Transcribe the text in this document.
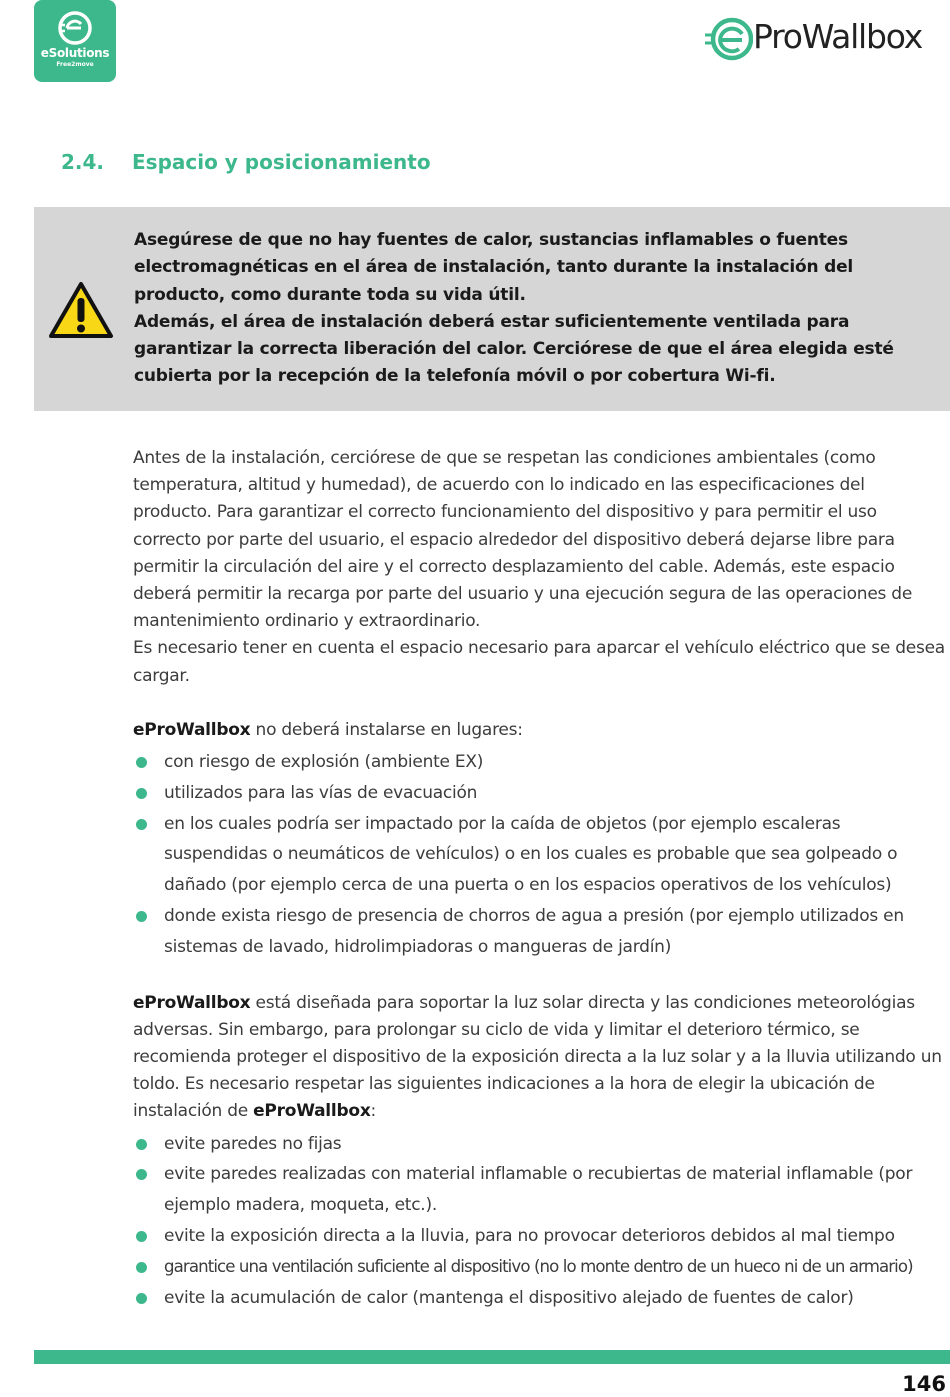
eSolutions
Free2move
ProWallbox
2.4. Espacio y posicionamiento

Asegúrese de que no hay fuentes de calor, sustancias inflamables o fuentes electromagnéticas en el área de instalación, tanto durante la instalación del producto, como durante toda su vida útil.

Además, el área de instalación deberá estar suficientemente ventilada para garantizar la correcta liberación del calor. Cerciórese de que el área elegida esté cubierta por la recepción de la telefonía móvil o por cobertura Wi-fi.

Antes de la instalación, cerciórese de que se respetan las condiciones ambientales (como temperatura, altitud y humedad), de acuerdo con lo indicado en las especificaciones del producto. Para garantizar el correcto funcionamiento del dispositivo y para permitir el uso correcto por parte del usuario, el espacio alrededor del dispositivo deberá dejarse libre para permitir la circulación del aire y el correcto desplazamiento del cable. Además, este espacio deberá permitir la recarga por parte del usuario y una ejecución segura de las operaciones de mantenimiento ordinario y extraordinario.

Es necesario tener en cuenta el espacio necesario para aparcar el vehículo eléctrico que se desea cargar.

eProWallbox no deberá instalarse en lugares:

con riesgo de explosión (ambiente EX)
utilizados para las vías de evacuación
en los cuales podría ser impactado por la caída de objetos (por ejemplo escaleras suspendidas o neumáticos de vehículos) o en los cuales es probable que sea golpeado o dañado (por ejemplo cerca de una puerta o en los espacios operativos de los vehículos)
donde exista riesgo de presencia de chorros de agua a presión (por ejemplo utilizados en sistemas de lavado, hidrolimpiadoras o mangueras de jardín)

eProWallbox está diseñada para soportar la luz solar directa y las condiciones meteorológias adversas. Sin embargo, para prolongar su ciclo de vida y limitar el deterioro térmico, se recomienda proteger el dispositivo de la exposición directa a la luz solar y a la lluvia utilizando un toldo. Es necesario respetar las siguientes indicaciones a la hora de elegir la ubicación de instalación de eProWallbox:

evite paredes no fijas
evite paredes realizadas con material inflamable o recubiertas de material inflamable (por ejemplo madera, moqueta, etc.).
evite la exposición directa a la lluvia, para no provocar deterioros debidos al mal tiempo
garantice una ventilación suficiente al dispositivo (no lo monte dentro de un hueco ni de un armario)
evite la acumulación de calor (mantenga el dispositivo alejado de fuentes de calor)
146
